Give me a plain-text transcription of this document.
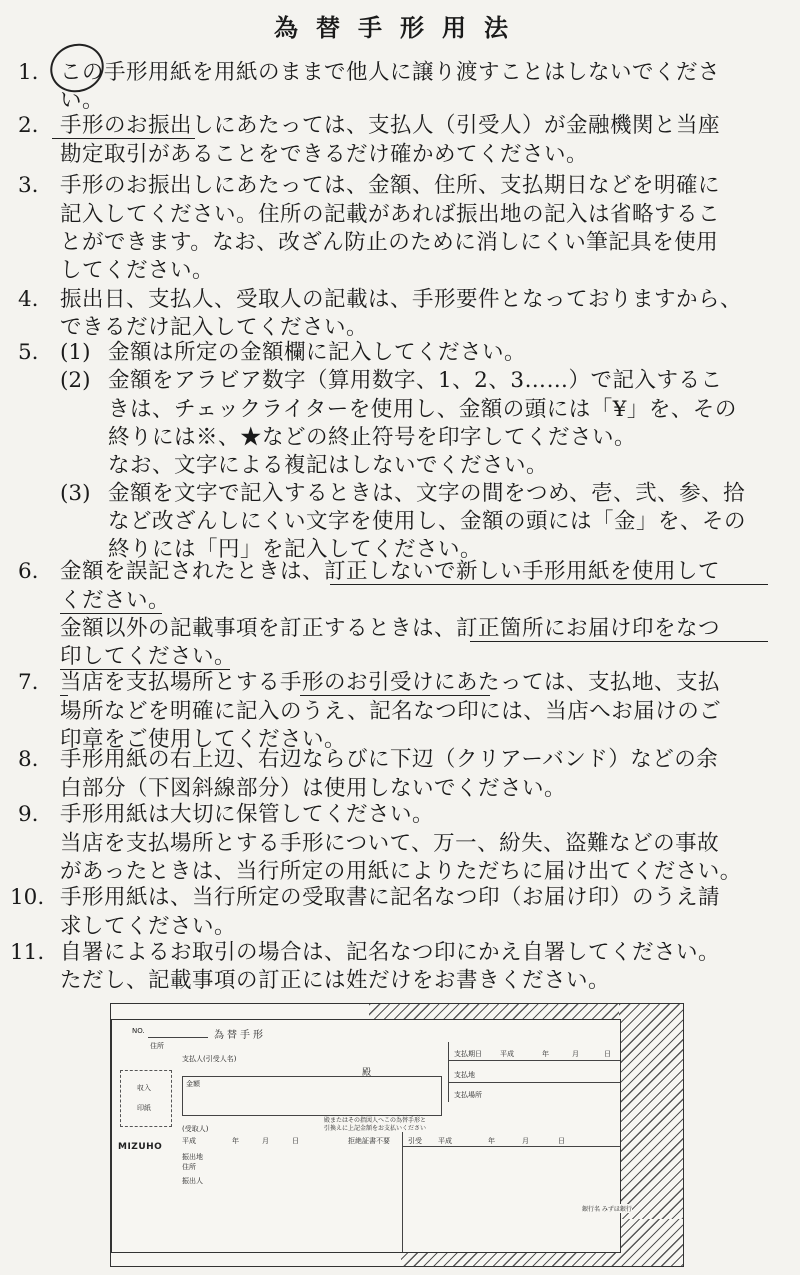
為替手形用法
1. この手形用紙を用紙のままで他人に譲り渡すことはしないでくださ
い。
2. 手形のお振出しにあたっては、支払人（引受人）が金融機関と当座
勘定取引があることをできるだけ確かめてください。
3. 手形のお振出しにあたっては、金額、住所、支払期日などを明確に
記入してください。住所の記載があれば振出地の記入は省略するこ
とができます。なお、改ざん防止のために消しにくい筆記具を使用
してください。
4. 振出日、支払人、受取人の記載は、手形要件となっておりますから、
できるだけ記入してください。
5. (1) 金額は所定の金額欄に記入してください。
(2) 金額をアラビア数字（算用数字、1、2、3……）で記入するこ
きは、チェックライターを使用し、金額の頭には「¥」を、その
終りには※、★などの終止符号を印字してください。
なお、文字による複記はしないでください。
(3) 金額を文字で記入するときは、文字の間をつめ、壱、弐、参、拾
など改ざんしにくい文字を使用し、金額の頭には「金」を、その
終りには「円」を記入してください。
6. 金額を誤記されたときは、訂正しないで新しい手形用紙を使用して
ください。
金額以外の記載事項を訂正するときは、訂正箇所にお届け印をなつ
印してください。
7. 当店を支払場所とする手形のお引受けにあたっては、支払地、支払
場所などを明確に記入のうえ、記名なつ印には、当店へお届けのご
印章をご使用してください。
8. 手形用紙の右上辺、右辺ならびに下辺（クリアーバンド）などの余
白部分（下図斜線部分）は使用しないでください。
9. 手形用紙は大切に保管してください。
当店を支払場所とする手形について、万一、紛失、盗難などの事故
があったときは、当行所定の用紙によりただちに届け出てください。
10. 手形用紙は、当行所定の受取書に記名なつ印（お届け印）のうえ請
求してください。
11. 自署によるお取引の場合は、記名なつ印にかえ自署してください。
ただし、記載事項の訂正には姓だけをお書きください。
NO.	為替手形
住所
支払人(引受人名)
殿
収入
印紙
金額
支払期日	平成	年	月	日
支払地
支払場所
殿またはその指図人へこの為替手形と
引換えに上記金額をお支払いください
(受取人)
平成	年	月	日	拒絶証書不要	引受 平成	年	月	日
MIZUHO
振出地
住所
振出人
銀行名 みずほ銀行
